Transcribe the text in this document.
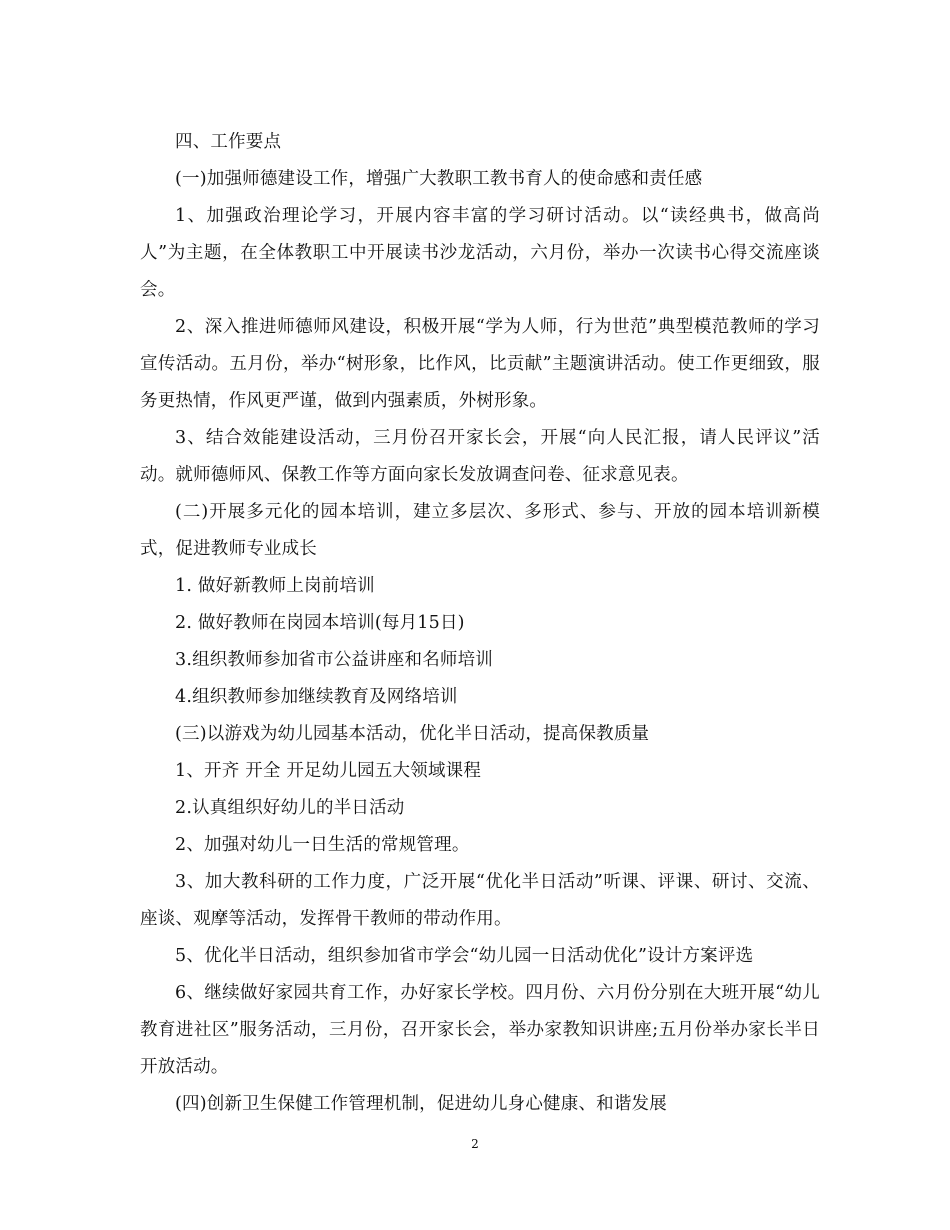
四、工作要点

(一)加强师德建设工作，增强广大教职工教书育人的使命感和责任感

1、加强政治理论学习，开展内容丰富的学习研讨活动。以“读经典书，做高尚人”为主题，在全体教职工中开展读书沙龙活动，六月份，举办一次读书心得交流座谈会。

2、深入推进师德师风建设，积极开展“学为人师，行为世范”典型模范教师的学习宣传活动。五月份，举办“树形象，比作风，比贡献”主题演讲活动。使工作更细致，服务更热情，作风更严谨，做到内强素质，外树形象。

3、结合效能建设活动，三月份召开家长会，开展“向人民汇报，请人民评议”活动。就师德师风、保教工作等方面向家长发放调查问卷、征求意见表。

(二)开展多元化的园本培训，建立多层次、多形式、参与、开放的园本培训新模式，促进教师专业成长

1. 做好新教师上岗前培训

2. 做好教师在岗园本培训(每月15日)

3.组织教师参加省市公益讲座和名师培训

4.组织教师参加继续教育及网络培训

(三)以游戏为幼儿园基本活动，优化半日活动，提高保教质量

1、开齐 开全 开足幼儿园五大领域课程

2.认真组织好幼儿的半日活动

2、加强对幼儿一日生活的常规管理。

3、加大教科研的工作力度，广泛开展“优化半日活动”听课、评课、研讨、交流、座谈、观摩等活动，发挥骨干教师的带动作用。

5、优化半日活动，组织参加省市学会“幼儿园一日活动优化”设计方案评选

6、继续做好家园共育工作，办好家长学校。四月份、六月份分别在大班开展“幼儿教育进社区”服务活动，三月份，召开家长会，举办家教知识讲座;五月份举办家长半日开放活动。

(四)创新卫生保健工作管理机制，促进幼儿身心健康、和谐发展

2
